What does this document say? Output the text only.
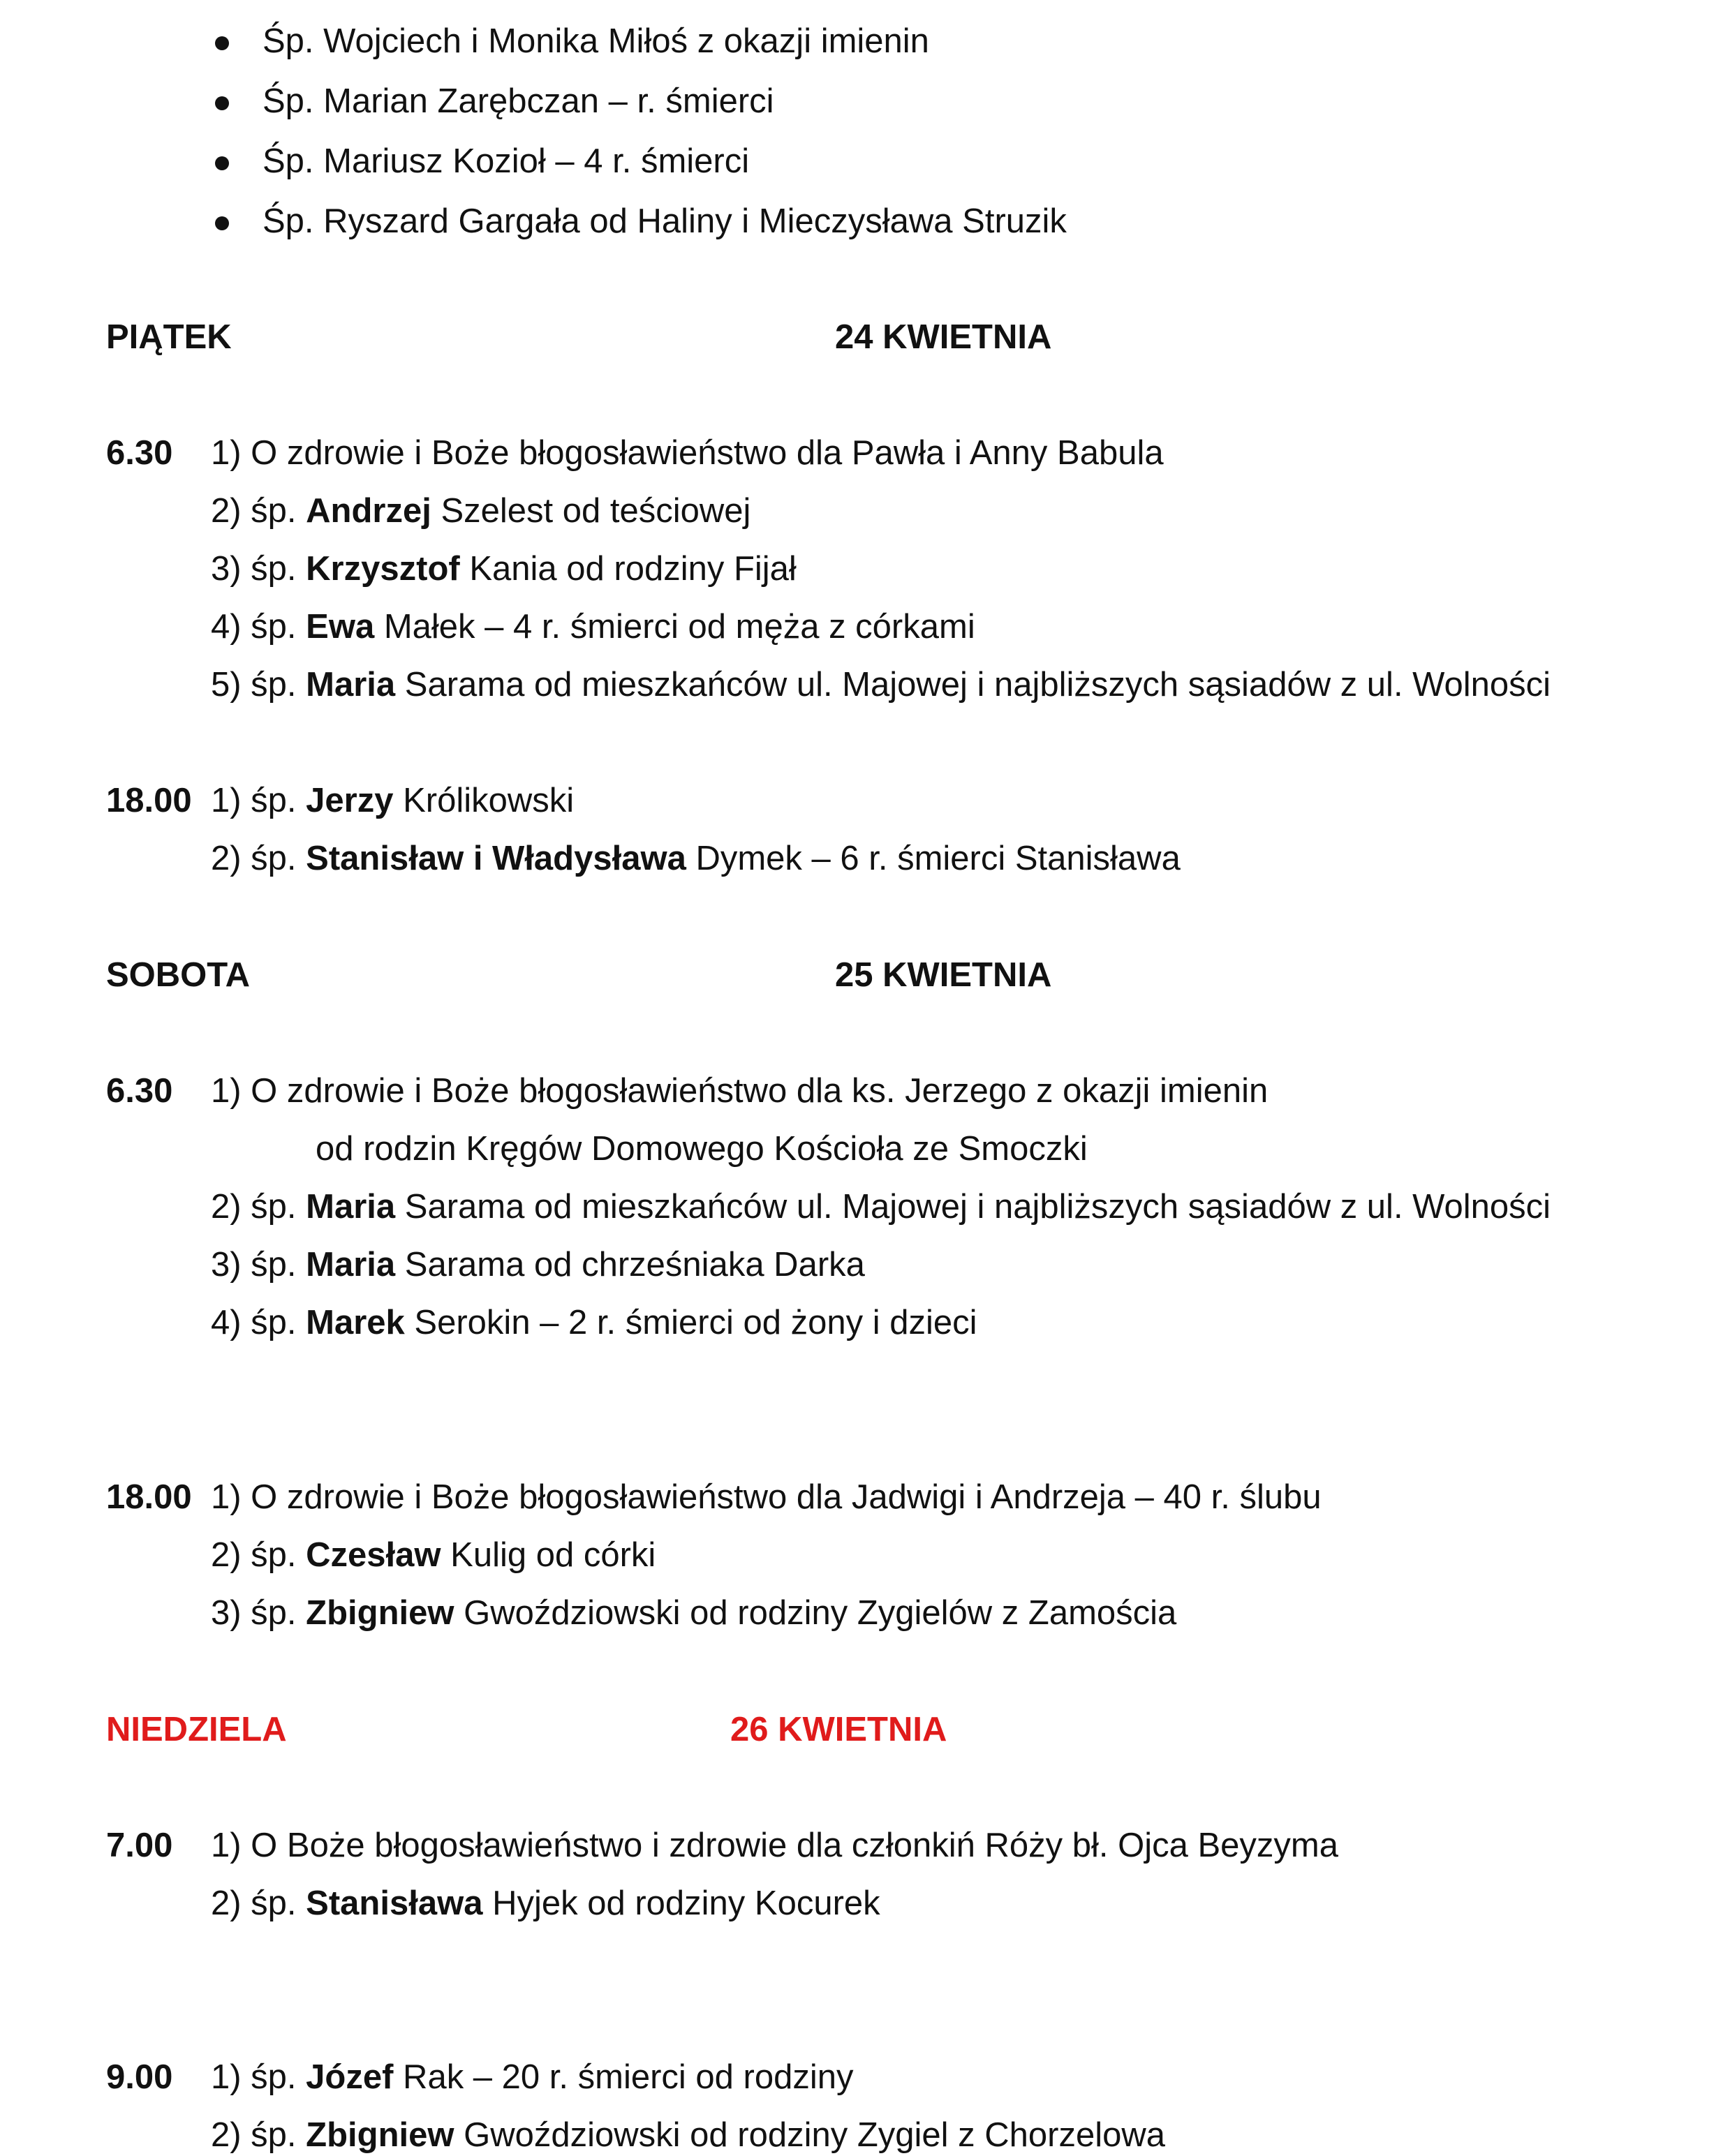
Śp. Wojciech i Monika Miłoś z okazji imienin
Śp. Marian Zarębczan – r. śmierci
Śp. Mariusz Kozioł – 4 r. śmierci
Śp. Ryszard Gargała od Haliny i Mieczysława Struzik
PIĄTEK	24 KWIETNIA
6.30 1) O zdrowie i Boże błogosławieństwo dla Pawła i Anny Babula
2) śp. Andrzej Szelest od teściowej
3) śp. Krzysztof Kania od rodziny Fijał
4) śp. Ewa Małek – 4 r. śmierci od męża z córkami
5) śp. Maria Sarama od mieszkańców ul. Majowej i najbliższych sąsiadów z ul. Wolności
18.00 1) śp. Jerzy Królikowski
2) śp. Stanisław i Władysława Dymek – 6 r. śmierci Stanisława
SOBOTA	25 KWIETNIA
6.30 1) O zdrowie i Boże błogosławieństwo dla ks. Jerzego z okazji imienin
od rodzin Kręgów Domowego Kościoła ze Smoczki
2) śp. Maria Sarama od mieszkańców ul. Majowej i najbliższych sąsiadów z ul. Wolności
3) śp. Maria Sarama od chrześniaka Darka
4) śp. Marek Serokin – 2 r. śmierci od żony i dzieci
18.00 1) O zdrowie i Boże błogosławieństwo dla Jadwigi i Andrzeja – 40 r. ślubu
2) śp. Czesław Kulig od córki
3) śp. Zbigniew Gwoździowski od rodziny Zygielów z Zamościa
NIEDZIELA	26 KWIETNIA
7.00 1) O Boże błogosławieństwo i zdrowie dla członkiń Róży bł. Ojca Beyzyma
2) śp. Stanisława Hyjek od rodziny Kocurek
9.00 1) śp. Józef Rak – 20 r. śmierci od rodziny
2) śp. Zbigniew Gwoździowski od rodziny Zygiel z Chorzelowa
